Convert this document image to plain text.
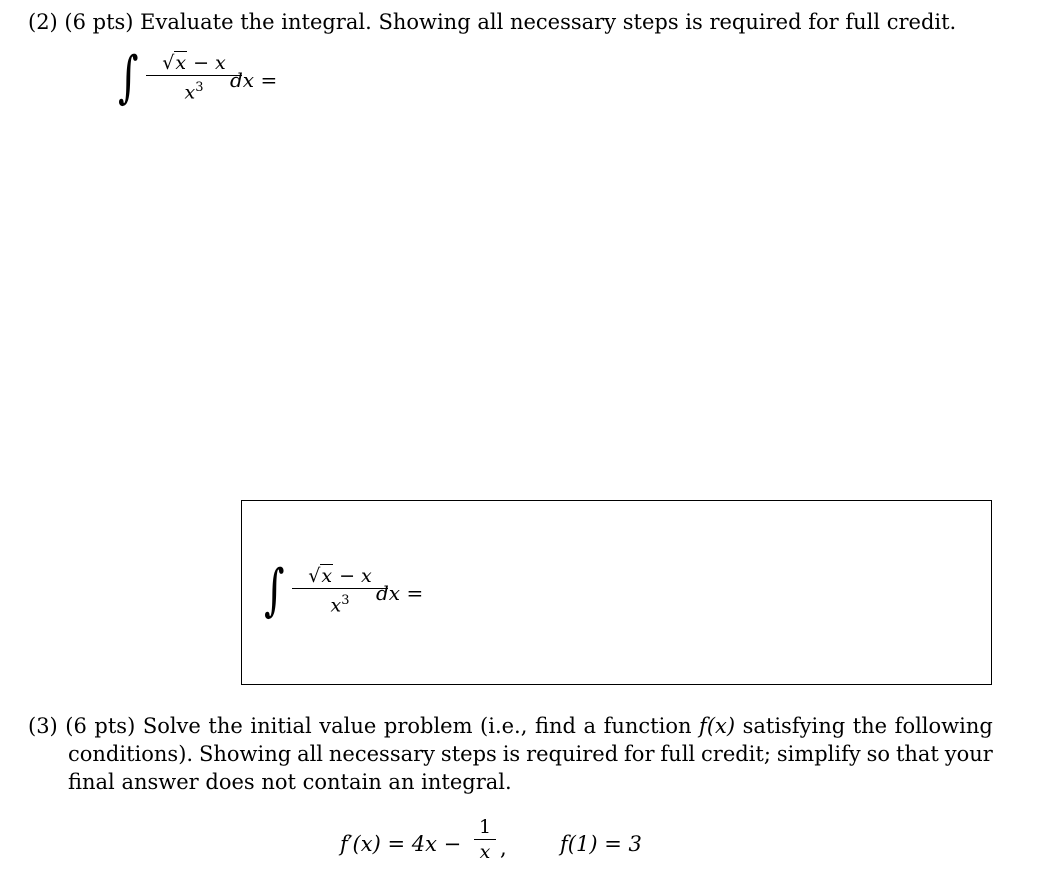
(2) (6 pts) Evaluate the integral. Showing all necessary steps is required for full credit.
∫	√x − x
$x^3$	dx =
∫	√x − x
$x^3$	dx =
(3) (6 pts) Solve the initial value problem (i.e., find a function f(x) satisfying the following
conditions). Showing all necessary steps is required for full credit; simplify so that your
final answer does not contain an integral.
f′(x) = 4x −
1
x ,	f(1) = 3
